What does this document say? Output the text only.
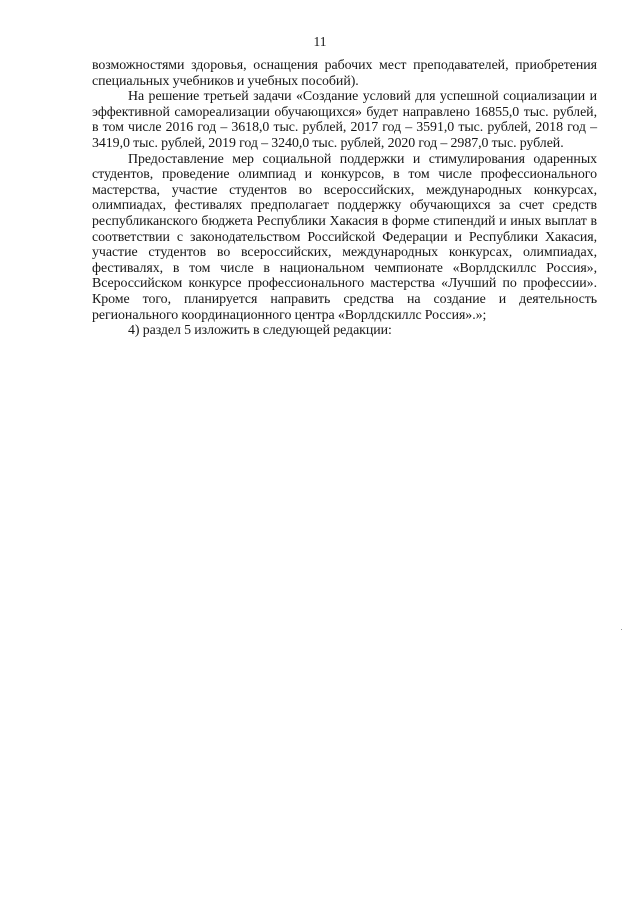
11

возможностями здоровья, оснащения рабочих мест преподавателей, приобретения специальных учебников и учебных пособий).

На решение третьей задачи «Создание условий для успешной социализации и эффективной самореализации обучающихся» будет направлено 16855,0 тыс. рублей, в том числе 2016 год – 3618,0 тыс. рублей, 2017 год – 3591,0 тыс. рублей, 2018 год – 3419,0 тыс. рублей, 2019 год – 3240,0 тыс. рублей, 2020 год – 2987,0 тыс. рублей.

Предоставление мер социальной поддержки и стимулирования одаренных студентов, проведение олимпиад и конкурсов, в том числе профессионального мастерства, участие студентов во всероссийских, международных конкурсах, олимпиадах, фестивалях предполагает поддержку обучающихся за счет средств республиканского бюджета Республики Хакасия в форме стипендий и иных выплат в соответствии с законодательством Российской Федерации и Республики Хакасия, участие студентов во всероссийских, международных конкурсах, олимпиадах, фестивалях, в том числе в национальном чемпионате «Ворлдскиллс Россия», Всероссийском конкурсе профессионального мастерства «Лучший по профессии». Кроме того, планируется направить средства на создание и деятельность регионального координационного центра «Ворлдскиллс Россия».»;

4) раздел 5 изложить в следующей редакции:
